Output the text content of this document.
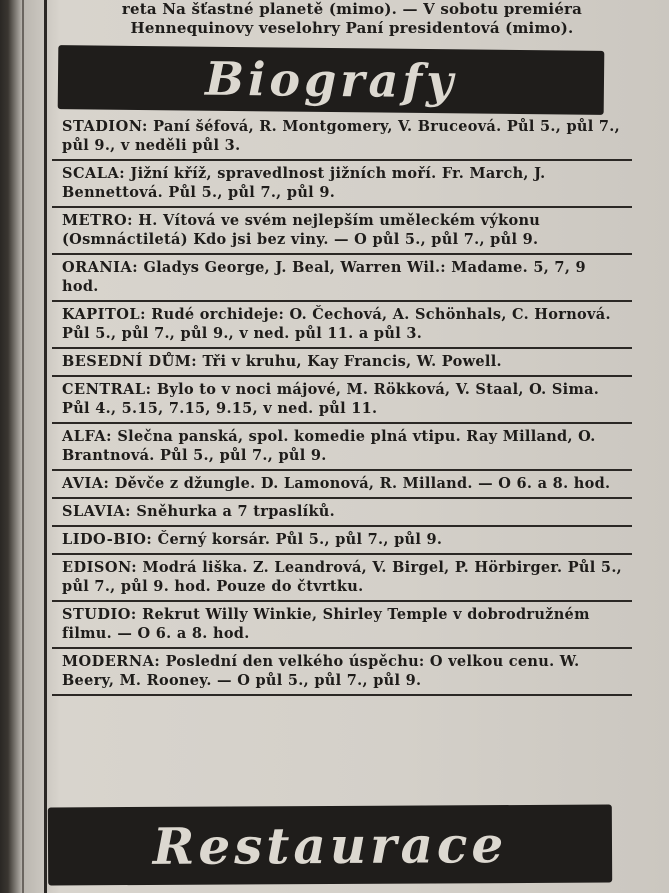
reta Na šťastné planetě (mimo). — V sobotu premiéra
Hennequinovy veselohry Paní presidentová (mimo).
Biografy
STADION: Paní šéfová, R. Montgomery, V. Bruceová. Půl 5., půl 7., půl 9., v neděli půl 3.
SCALA: Jižní kříž, spravedlnost jižních moří. Fr. March, J. Bennettová. Půl 5., půl 7., půl 9.
METRO: H. Vítová ve svém nejlepším uměleckém výkonu (Osmnáctiletá) Kdo jsi bez viny. — O půl 5., půl 7., půl 9.
ORANIA: Gladys George, J. Beal, Warren Wil.: Madame. 5, 7, 9 hod.
KAPITOL: Rudé orchideje: O. Čechová, A. Schönhals, C. Hornová. Půl 5., půl 7., půl 9., v ned. půl 11. a půl 3.
BESEDNÍ DŮM: Tři v kruhu, Kay Francis, W. Powell.
CENTRAL: Bylo to v noci májové, M. Rökková, V. Staal, O. Sima. Půl 4., 5.15, 7.15, 9.15, v ned. půl 11.
ALFA: Slečna panská, spol. komedie plná vtipu. Ray Milland, O. Brantnová. Půl 5., půl 7., půl 9.
AVIA: Děvče z džungle. D. Lamonová, R. Milland. — O 6. a 8. hod.
SLAVIA: Sněhurka a 7 trpaslíků.
LIDO-BIO: Černý korsár. Půl 5., půl 7., půl 9.
EDISON: Modrá liška. Z. Leandrová, V. Birgel, P. Hörbirger. Půl 5., půl 7., půl 9. hod. Pouze do čtvrtku.
STUDIO: Rekrut Willy Winkie, Shirley Temple v dobrodružném filmu. — O 6. a 8. hod.
MODERNA: Poslední den velkého úspěchu: O velkou cenu. W. Beery, M. Rooney. — O půl 5., půl 7., půl 9.
Restaurace
